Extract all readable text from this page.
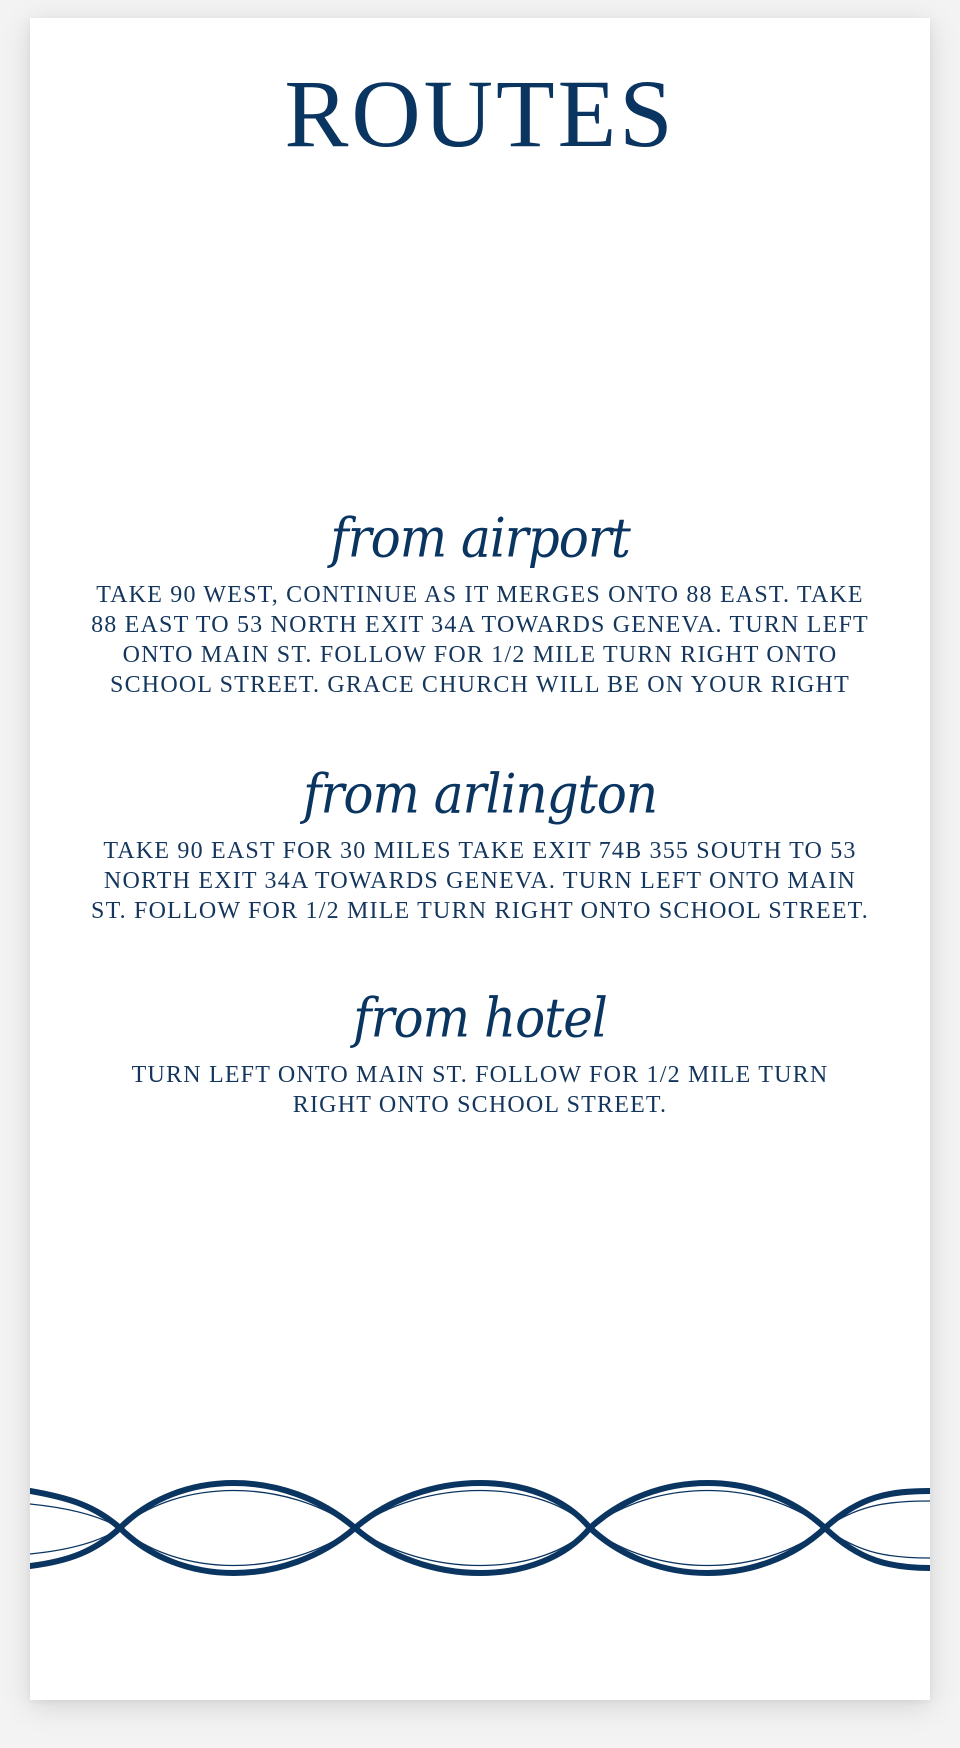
ROUTES
from airport
TAKE 90 WEST, CONTINUE AS IT MERGES ONTO 88 EAST. TAKE 88 EAST TO 53 NORTH EXIT 34A TOWARDS GENEVA. TURN LEFT ONTO MAIN ST. FOLLOW FOR 1/2 MILE TURN RIGHT ONTO SCHOOL STREET. GRACE CHURCH WILL BE ON YOUR RIGHT
from arlington
TAKE 90 EAST FOR 30 MILES TAKE EXIT 74B 355 SOUTH TO 53 NORTH EXIT 34A TOWARDS GENEVA. TURN LEFT ONTO MAIN ST. FOLLOW FOR 1/2 MILE TURN RIGHT ONTO SCHOOL STREET.
from hotel
TURN LEFT ONTO MAIN ST. FOLLOW FOR 1/2 MILE TURN RIGHT ONTO SCHOOL STREET.
